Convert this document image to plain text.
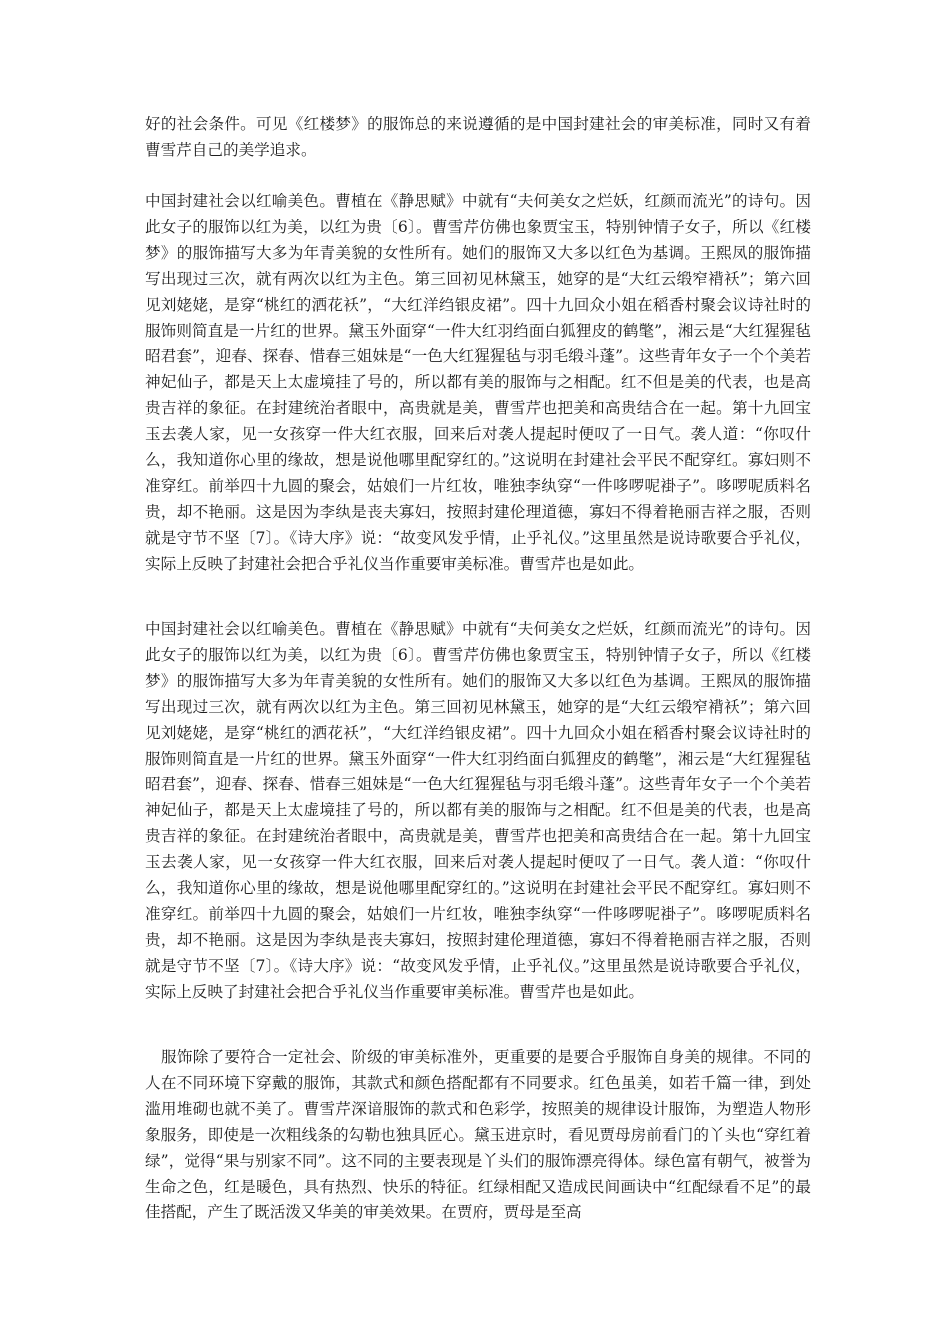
好的社会条件。可见《红楼梦》的服饰总的来说遵循的是中国封建社会的审美标准，同时又有着曹雪芹自己的美学追求。

中国封建社会以红喻美色。曹植在《静思赋》中就有“夫何美女之烂妖，红颜而流光”的诗句。因此女子的服饰以红为美，以红为贵〔6〕。曹雪芹仿佛也象贾宝玉，特别钟情子女子，所以《红楼梦》的服饰描写大多为年青美貌的女性所有。她们的服饰又大多以红色为基调。王熙凤的服饰描写出现过三次，就有两次以红为主色。第三回初见林黛玉，她穿的是“大红云缎窄褙袄”；第六回见刘姥姥，是穿“桃红的洒花袄”，“大红洋绉银皮裙”。四十九回众小姐在稻香村聚会议诗社时的服饰则简直是一片红的世界。黛玉外面穿“一件大红羽绉面白狐狸皮的鹤氅”，湘云是“大红猩猩毡昭君套”，迎春、探春、惜春三姐妹是“一色大红猩猩毡与羽毛缎斗蓬”。这些青年女子一个个美若神妃仙子，都是天上太虚境挂了号的，所以都有美的服饰与之相配。红不但是美的代表，也是高贵吉祥的象征。在封建统治者眼中，高贵就是美，曹雪芹也把美和高贵结合在一起。第十九回宝玉去袭人家，见一女孩穿一件大红衣服，回来后对袭人提起时便叹了一日气。袭人道：“你叹什么，我知道你心里的缘故，想是说他哪里配穿红的。”这说明在封建社会平民不配穿红。寡妇则不准穿红。前举四十九圆的聚会，姑娘们一片红妆，唯独李纨穿“一件哆啰呢褂子”。哆啰呢质料名贵，却不艳丽。这是因为李纨是丧夫寡妇，按照封建伦理道德，寡妇不得着艳丽吉祥之服，否则就是守节不坚〔7〕。《诗大序》说：“故变风发乎情，止乎礼仪。”这里虽然是说诗歌要合乎礼仪，实际上反映了封建社会把合乎礼仪当作重要审美标准。曹雪芹也是如此。

中国封建社会以红喻美色。曹植在《静思赋》中就有“夫何美女之烂妖，红颜而流光”的诗句。因此女子的服饰以红为美，以红为贵〔6〕。曹雪芹仿佛也象贾宝玉，特别钟情子女子，所以《红楼梦》的服饰描写大多为年青美貌的女性所有。她们的服饰又大多以红色为基调。王熙凤的服饰描写出现过三次，就有两次以红为主色。第三回初见林黛玉，她穿的是“大红云缎窄褙袄”；第六回见刘姥姥，是穿“桃红的洒花袄”，“大红洋绉银皮裙”。四十九回众小姐在稻香村聚会议诗社时的服饰则简直是一片红的世界。黛玉外面穿“一件大红羽绉面白狐狸皮的鹤氅”，湘云是“大红猩猩毡昭君套”，迎春、探春、惜春三姐妹是“一色大红猩猩毡与羽毛缎斗蓬”。这些青年女子一个个美若神妃仙子，都是天上太虚境挂了号的，所以都有美的服饰与之相配。红不但是美的代表，也是高贵吉祥的象征。在封建统治者眼中，高贵就是美，曹雪芹也把美和高贵结合在一起。第十九回宝玉去袭人家，见一女孩穿一件大红衣服，回来后对袭人提起时便叹了一日气。袭人道：“你叹什么，我知道你心里的缘故，想是说他哪里配穿红的。”这说明在封建社会平民不配穿红。寡妇则不准穿红。前举四十九圆的聚会，姑娘们一片红妆，唯独李纨穿“一件哆啰呢褂子”。哆啰呢质料名贵，却不艳丽。这是因为李纨是丧夫寡妇，按照封建伦理道德，寡妇不得着艳丽吉祥之服，否则就是守节不坚〔7〕。《诗大序》说：“故变风发乎情，止乎礼仪。”这里虽然是说诗歌要合乎礼仪，实际上反映了封建社会把合乎礼仪当作重要审美标准。曹雪芹也是如此。

服饰除了要符合一定社会、阶级的审美标准外，更重要的是要合乎服饰自身美的规律。不同的人在不同环境下穿戴的服饰，其款式和颜色搭配都有不同要求。红色虽美，如若千篇一律，到处滥用堆砌也就不美了。曹雪芹深谙服饰的款式和色彩学，按照美的规律设计服饰，为塑造人物形象服务，即使是一次粗线条的勾勒也独具匠心。黛玉进京时，看见贾母房前看门的丫头也“穿红着绿”，觉得“果与别家不同”。这不同的主要表现是丫头们的服饰漂亮得体。绿色富有朝气，被誉为生命之色，红是暖色，具有热烈、快乐的特征。红绿相配又造成民间画诀中“红配绿看不足”的最佳搭配，产生了既活泼又华美的审美效果。在贾府，贾母是至高
